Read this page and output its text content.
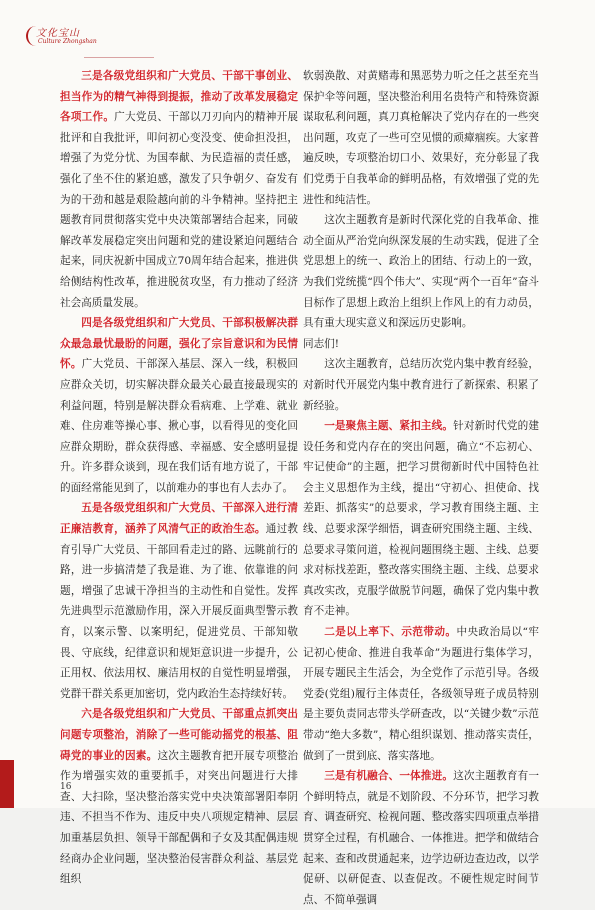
文化宝山
Culture Zhongshan

三是各级党组织和广大党员、干部干事创业、担当作为的精气神得到提振，推动了改革发展稳定各项工作。广大党员、干部以刀刃向内的精神开展批评和自我批评，叩问初心变没变、使命担没担，增强了为党分忧、为国奉献、为民造福的责任感，强化了坐不住的紧迫感，激发了只争朝夕、奋发有为的干劲和越是艰险越向前的斗争精神。坚持把主题教育同贯彻落实党中央决策部署结合起来，同破解改革发展稳定突出问题和党的建设紧迫问题结合起来，同庆祝新中国成立70周年结合起来，推进供给侧结构性改革，推进脱贫攻坚，有力推动了经济社会高质量发展。

四是各级党组织和广大党员、干部积极解决群众最急最忧最盼的问题，强化了宗旨意识和为民情怀。广大党员、干部深入基层、深入一线，积极回应群众关切，切实解决群众最关心最直接最现实的利益问题，特别是解决群众看病难、上学难、就业难、住房难等操心事、揪心事，以看得见的变化回应群众期盼，群众获得感、幸福感、安全感明显提升。许多群众谈到，现在我们话有地方说了，干部的面经常能见到了，以前难办的事也有人去办了。

五是各级党组织和广大党员、干部深入进行清正廉洁教育，涵养了风清气正的政治生态。通过教育引导广大党员、干部回看走过的路、远眺前行的路，进一步搞清楚了我是谁、为了谁、依靠谁的问题，增强了忠诚干净担当的主动性和自觉性。发挥先进典型示范激励作用，深入开展反面典型警示教育，以案示警、以案明纪，促进党员、干部知敬畏、守底线，纪律意识和规矩意识进一步提升，公正用权、依法用权、廉洁用权的自觉性明显增强，党群干群关系更加密切，党内政治生态持续好转。

六是各级党组织和广大党员、干部重点抓突出问题专项整治，消除了一些可能动摇党的根基、阻碍党的事业的因素。这次主题教育把开展专项整治作为增强实效的重要抓手，对突出问题进行大排查、大扫除，坚决整治落实党中央决策部署阳奉阴违、不担当不作为、违反中央八项规定精神、层层加重基层负担、领导干部配偶和子女及其配偶违规经商办企业问题，坚决整治侵害群众利益、基层党组织

软弱涣散、对黄赌毒和黑恶势力听之任之甚至充当保护伞等问题，坚决整治利用名贵特产和特殊资源谋取私利问题，真刀真枪解决了党内存在的一些突出问题，攻克了一些可空见惯的顽瘴痼疾。大家普遍反映，专项整治切口小、效果好，充分彰显了我们党勇于自我革命的鲜明品格，有效增强了党的先进性和纯洁性。

这次主题教育是新时代深化党的自我革命、推动全面从严治党向纵深发展的生动实践，促进了全党思想上的统一、政治上的团结、行动上的一致，为我们党统揽“四个伟大”、实现“两个一百年”奋斗目标作了思想上政治上组织上作风上的有力动员，具有重大现实意义和深远历史影响。

同志们!

这次主题教育，总结历次党内集中教育经验，对新时代开展党内集中教育进行了新探索、积累了新经验。

一是聚焦主题、紧扣主线。针对新时代党的建设任务和党内存在的突出问题，确立“不忘初心、牢记使命”的主题，把学习贯彻新时代中国特色社会主义思想作为主线，提出“守初心、担使命、找差距、抓落实”的总要求，学习教育围绕主题、主线、总要求深学细悟，调查研究围绕主题、主线、总要求寻策问道，检视问题围绕主题、主线、总要求对标找差距，整改落实围绕主题、主线、总要求真改实改，克服学做脱节问题，确保了党内集中教育不走神。

二是以上率下、示范带动。中央政治局以“牢记初心使命、推进自我革命”为题进行集体学习，开展专题民主生活会，为全党作了示范引导。各级党委(党组)履行主体责任，各级领导班子成员特别是主要负责同志带头学研查改，以“关键少数”示范带动“绝大多数”，精心组织谋划、推动落实责任，做到了一贯到底、落实落地。

三是有机融合、一体推进。这次主题教育有一个鲜明特点，就是不划阶段、不分环节，把学习教育、调查研究、检视问题、整改落实四项重点举措贯穿全过程，有机融合、一体推进。把学和做结合起来、查和改贯通起来，边学边研边查边改，以学促研、以研促查、以查促改。不硬性规定时间节点、不简单强调

16
